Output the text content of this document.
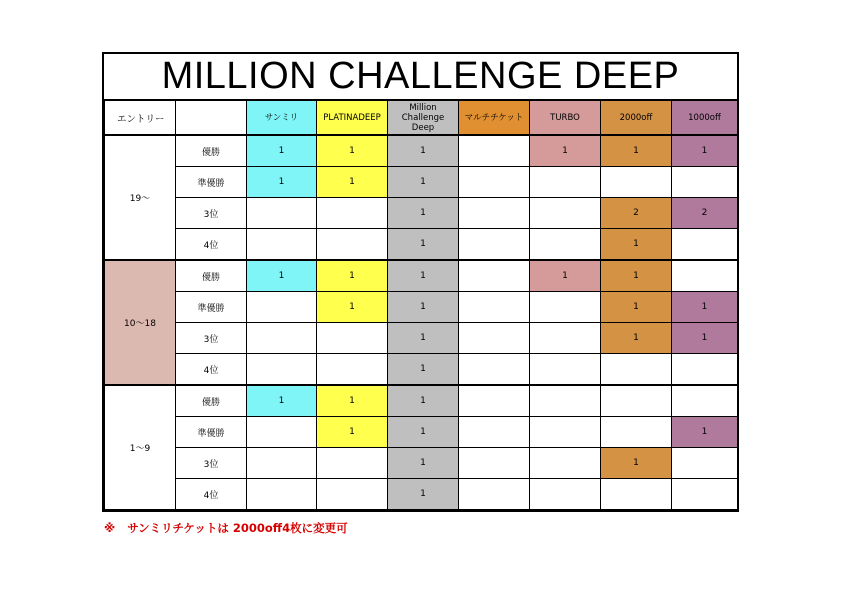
MILLION CHALLENGE DEEP
エントリー		サンミリ	PLATINADEEP	Million
Challenge
Deep	マルチチケット	TURBO	2000off	1000off
19～	優勝	1	1	1		1	1	1
	準優勝	1	1	1				
	3位			1			2	2
	4位			1			1	
10～18	優勝	1	1	1		1	1	
	準優勝		1	1			1	1
	3位			1			1	1
	4位			1				
1～9	優勝	1	1	1				
	準優勝		1	1				1
	3位			1			1	
	4位			1				
※ サンミリチケットは 2000off4枚に変更可
